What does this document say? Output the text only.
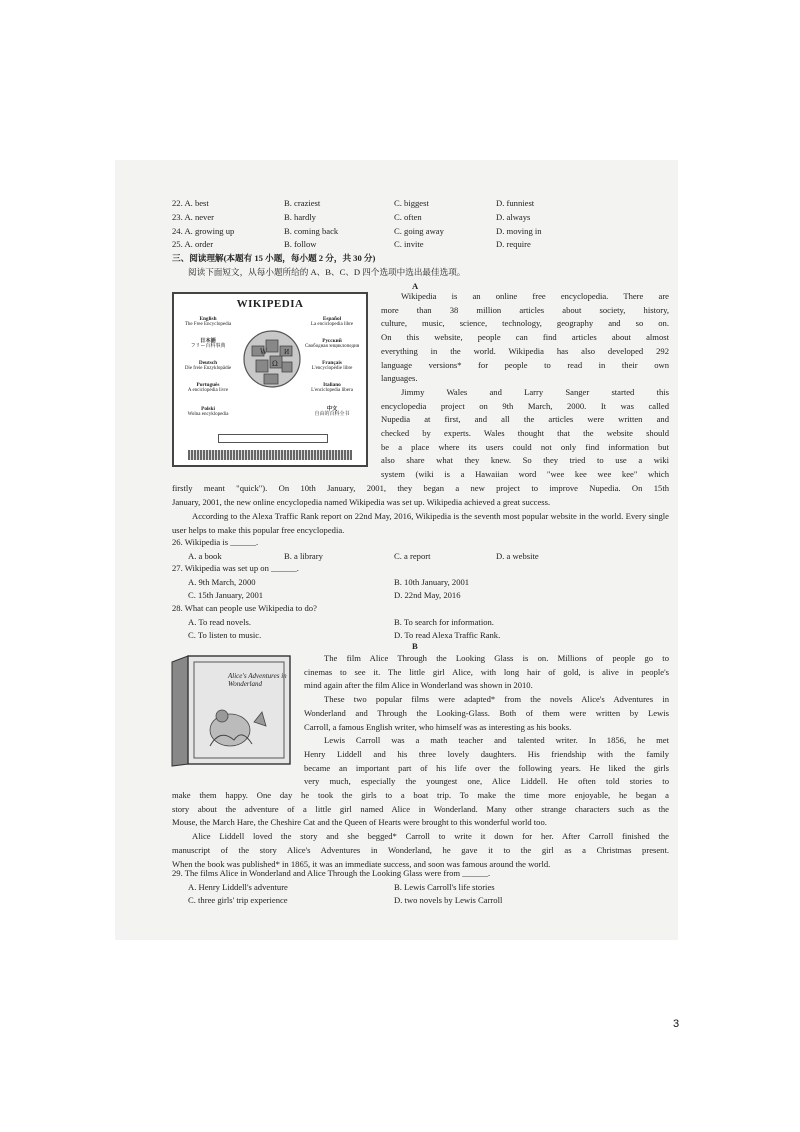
22. A. best	B. craziest	C. biggest	D. funniest
23. A. never	B. hardly	C. often	D. always
24. A. growing up	B. coming back	C. going away	D. moving in
25. A. order	B. follow	C. invite	D. require
三、阅读理解(本题有 15 小题，每小题 2 分，共 30 分)
阅读下面短文，从每小题所给的 A、B、C、D 四个选项中选出最佳选项。
A
WIKIPEDIA
English
The Free Encyclopedia
Español
La enciclopedia libre
日本語
フリー百科事典
Русский
Свободная энциклопедия
Deutsch
Die freie Enzyklopädie
Français
L'encyclopédie libre
Português
A enciclopédia livre
Italiano
L'enciclopedia libera
Polski
Wolna encyklopedia
中文
自由的百科全书
W
Ω
И

Wikipedia is an online free encyclopedia. There are

more than 38 million articles about society, history,

culture, music, science, technology, geography and so on.

On this website, people can find articles about almost

everything in the world. Wikipedia has also developed 292

language versions* for people to read in their own

languages.

Jimmy Wales and Larry Sanger started this

encyclopedia project on 9th March, 2000. It was called

Nupedia at first, and all the articles were written and

checked by experts. Wales thought that the website should

be a place where its users could not only find information but

also share what they knew. So they tried to use a wiki

system (wiki is a Hawaiian word "wee kee wee kee" which

firstly meant "quick"). On 10th January, 2001, they began a new project to improve Nupedia. On 15th

January, 2001, the new online encyclopedia named Wikipedia was set up. Wikipedia achieved a great success.

According to the Alexa Traffic Rank report on 22nd May, 2016, Wikipedia is the seventh most popular website in the world. Every single user helps to make this popular free encyclopedia.

26. Wikipedia is ______.
A. a book	B. a library	C. a report	D. a website
27. Wikipedia was set up on ______.
A. 9th March, 2000	B. 10th January, 2001
C. 15th January, 2001	D. 22nd May, 2016
28. What can people use Wikipedia to do?
A. To read novels.	B. To search for information.
C. To listen to music.	D. To read Alexa Traffic Rank.
B
Alice's Adventures in Wonderland

The film Alice Through the Looking Glass is on. Millions of people go to

cinemas to see it. The little girl Alice, with long hair of gold, is alive in people's

mind again after the film Alice in Wonderland was shown in 2010.

These two popular films were adapted* from the novels Alice's Adventures in

Wonderland and Through the Looking-Glass. Both of them were written by Lewis

Carroll, a famous English writer, who himself was as interesting as his books.

Lewis Carroll was a math teacher and talented writer. In 1856, he met

Henry Liddell and his three lovely daughters. His friendship with the family

became an important part of his life over the following years. He liked the girls

very much, especially the youngest one, Alice Liddell. He often told stories to

make them happy. One day he took the girls to a boat trip. To make the time more enjoyable, he began a

story about the adventure of a little girl named Alice in Wonderland. Many other strange characters such as the

Mouse, the March Hare, the Cheshire Cat and the Queen of Hearts were brought to this wonderful world too.

Alice Liddell loved the story and she begged* Carroll to write it down for her. After Carroll finished the

manuscript of the story Alice's Adventures in Wonderland, he gave it to the girl as a Christmas present.

When the book was published* in 1865, it was an immediate success, and soon was famous around the world.

29. The films Alice in Wonderland and Alice Through the Looking Glass were from ______.
A. Henry Liddell's adventure	B. Lewis Carroll's life stories
C. three girls' trip experience	D. two novels by Lewis Carroll
3
